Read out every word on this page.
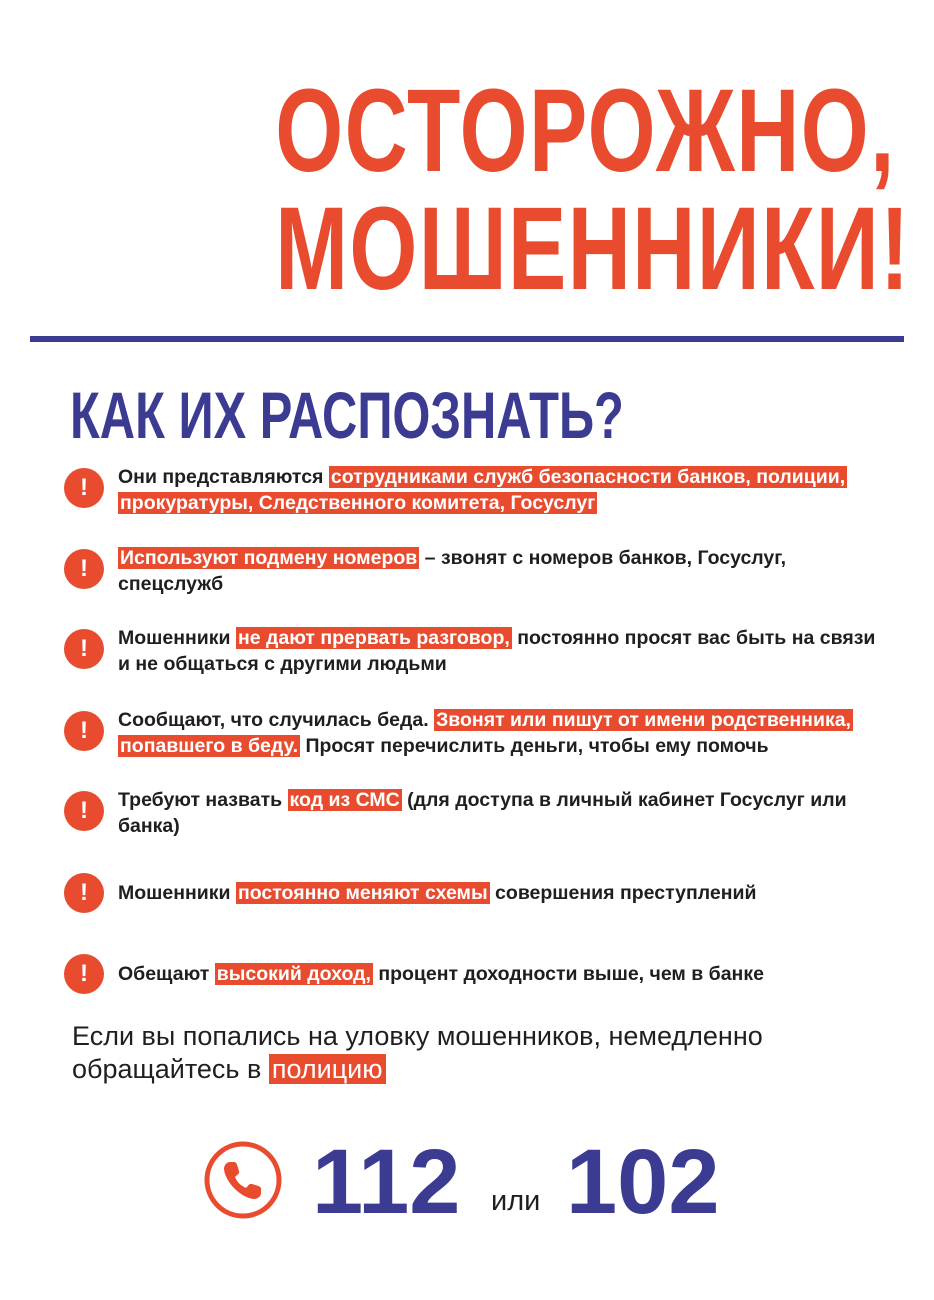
ОСТОРОЖНО,
МОШЕННИКИ!
КАК ИХ РАСПОЗНАТЬ?
!	Они представляются сотрудниками служб безопасности банков, полиции, прокуратуры, Следственного комитета, Госуслуг
!	Используют подмену номеров – звонят с номеров банков, Госуслуг, спецслужб
!	Мошенники не дают прервать разговор, постоянно просят вас быть на связи и не общаться с другими людьми
!	Сообщают, что случилась беда. Звонят или пишут от имени родственника, попавшего в беду. Просят перечислить деньги, чтобы ему помочь
!	Требуют назвать код из СМС (для доступа в личный кабинет Госуслуг или банка)
!	Мошенники постоянно меняют схемы совершения преступлений
!	Обещают высокий доход, процент доходности выше, чем в банке
Если вы попались на уловку мошенников, немедленно обращайтесь в полицию
112 или 102
